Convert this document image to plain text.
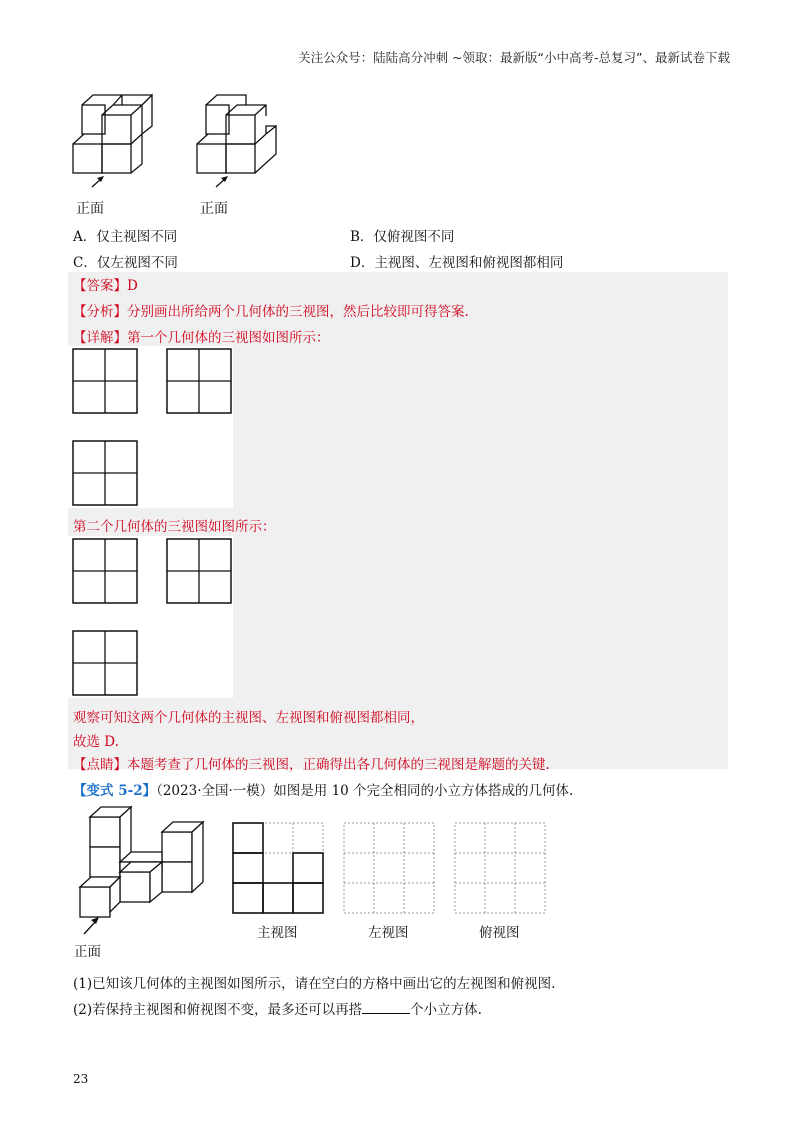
关注公众号：陆陆高分冲刺 ~领取：最新版“小中高考-总复习”、最新试卷下载
正面	正面
A．仅主视图不同	B．仅俯视图不同
C．仅左视图不同	D．主视图、左视图和俯视图都相同
【答案】D
【分析】分别画出所给两个几何体的三视图，然后比较即可得答案.
【详解】第一个几何体的三视图如图所示：
第二个几何体的三视图如图所示：
观察可知这两个几何体的主视图、左视图和俯视图都相同，
故选 D.
【点睛】本题考查了几何体的三视图，正确得出各几何体的三视图是解题的关键.
【变式 5-2】（2023·全国·一模）如图是用 10 个完全相同的小立方体搭成的几何体.
正面
主视图	左视图	俯视图
(1)已知该几何体的主视图如图所示，请在空白的方格中画出它的左视图和俯视图.
(2)若保持主视图和俯视图不变，最多还可以再搭	个小立方体.
23
